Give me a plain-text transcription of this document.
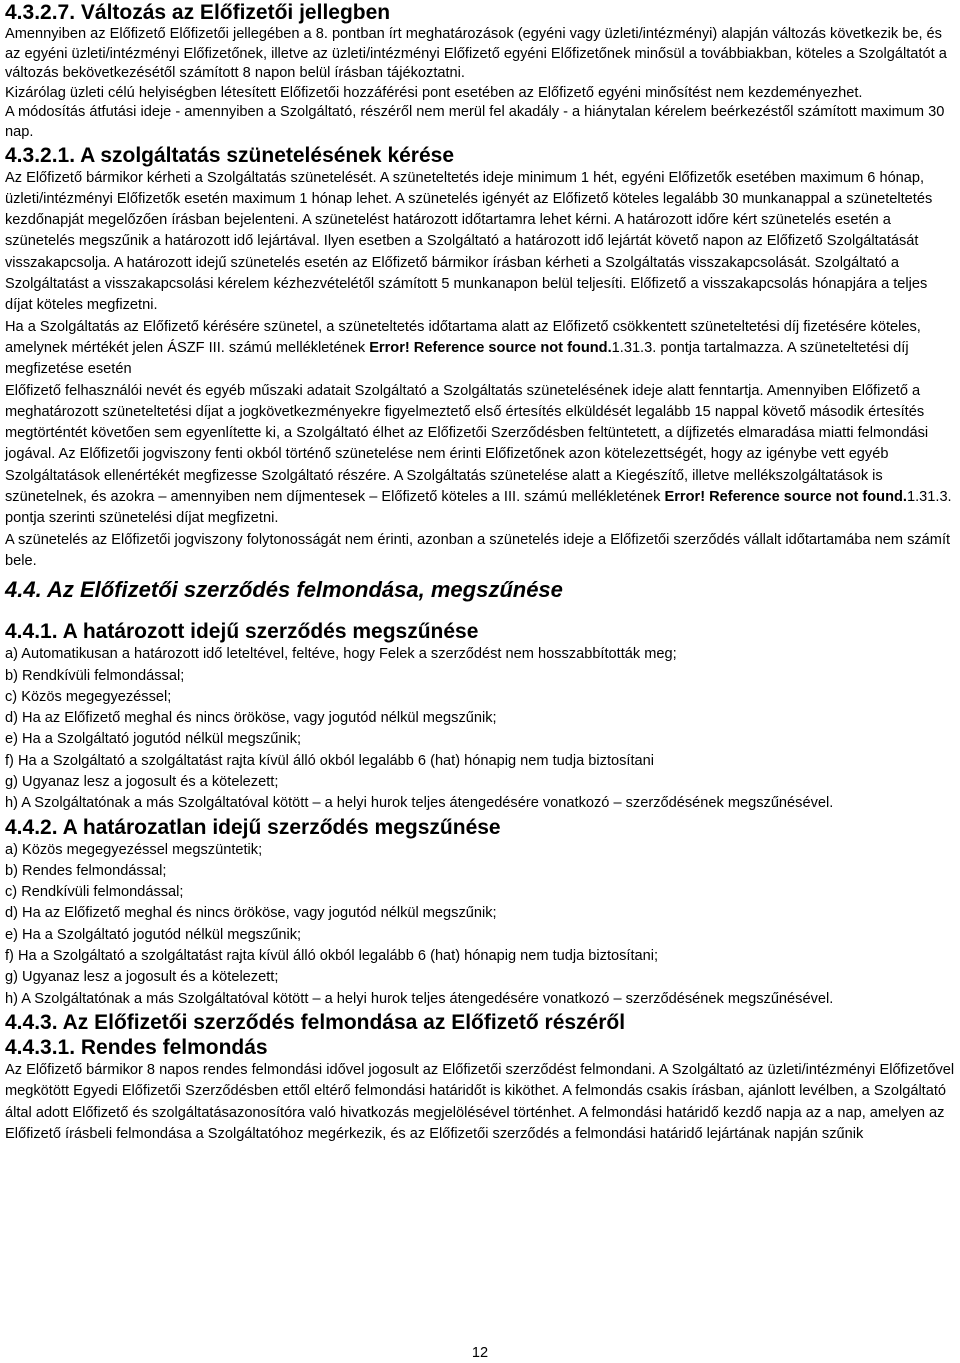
4.3.2.7. Változás az Előfizetői jellegben

Amennyiben az Előfizető Előfizetői jellegében a 8. pontban írt meghatározások (egyéni vagy üzleti/intézményi) alapján változás következik be, és az egyéni üzleti/intézményi Előfizetőnek, illetve az üzleti/intézményi Előfizető egyéni Előfizetőnek minősül a továbbiakban, köteles a Szolgáltatót a változás bekövetkezésétől számított 8 napon belül írásban tájékoztatni.

Kizárólag üzleti célú helyiségben létesített Előfizetői hozzáférési pont esetében az Előfizető egyéni minősítést nem kezdeményezhet.

A módosítás átfutási ideje - amennyiben a Szolgáltató, részéről nem merül fel akadály - a hiánytalan kérelem beérkezéstől számított maximum 30 nap.

4.3.2.1. A szolgáltatás szünetelésének kérése

Az Előfizető bármikor kérheti a Szolgáltatás szünetelését. A szüneteltetés ideje minimum 1 hét, egyéni Előfizetők esetében maximum 6 hónap, üzleti/intézményi Előfizetők esetén maximum 1 hónap lehet. A szünetelés igényét az Előfizető köteles legalább 30 munkanappal a szüneteltetés kezdőnapját megelőzően írásban bejelenteni. A szünetelést határozott időtartamra lehet kérni. A határozott időre kért szünetelés esetén a szünetelés megszűnik a határozott idő lejártával. Ilyen esetben a Szolgáltató a határozott idő lejártát követő napon az Előfizető Szolgáltatását visszakapcsolja. A határozott idejű szünetelés esetén az Előfizető bármikor írásban kérheti a Szolgáltatás visszakapcsolását. Szolgáltató a Szolgáltatást a visszakapcsolási kérelem kézhezvételétől számított 5 munkanapon belül teljesíti. Előfizető a visszakapcsolás hónapjára a teljes díjat köteles megfizetni.

Ha a Szolgáltatás az Előfizető kérésére szünetel, a szüneteltetés időtartama alatt az Előfizető csökkentett szüneteltetési díj fizetésére köteles, amelynek mértékét jelen ÁSZF III. számú mellékletének Error! Reference source not found.1.31.3. pontja tartalmazza. A szüneteltetési díj megfizetése esetén

Előfizető felhasználói nevét és egyéb műszaki adatait Szolgáltató a Szolgáltatás szünetelésének ideje alatt fenntartja. Amennyiben Előfizető a meghatározott szüneteltetési díjat a jogkövetkezményekre figyelmeztető első értesítés elküldését legalább 15 nappal követő második értesítés megtörténtét követően sem egyenlítette ki, a Szolgáltató élhet az Előfizetői Szerződésben feltüntetett, a díjfizetés elmaradása miatti felmondási jogával. Az Előfizetői jogviszony fenti okból történő szünetelése nem érinti Előfizetőnek azon kötelezettségét, hogy az igénybe vett egyéb Szolgáltatások ellenértékét megfizesse Szolgáltató részére. A Szolgáltatás szünetelése alatt a Kiegészítő, illetve mellékszolgáltatások is szünetelnek, és azokra – amennyiben nem díjmentesek – Előfizető köteles a III. számú mellékletének Error! Reference source not found.1.31.3. pontja szerinti szünetelési díjat megfizetni.

A szünetelés az Előfizetői jogviszony folytonosságát nem érinti, azonban a szünetelés ideje a Előfizetői szerződés vállalt időtartamába nem számít bele.

4.4. Az Előfizetői szerződés felmondása, megszűnése
4.4.1. A határozott idejű szerződés megszűnése

a) Automatikusan a határozott idő leteltével, feltéve, hogy Felek a szerződést nem hosszabbították meg;

b) Rendkívüli felmondással;

c) Közös megegyezéssel;

d) Ha az Előfizető meghal és nincs örököse, vagy jogutód nélkül megszűnik;

e) Ha a Szolgáltató jogutód nélkül megszűnik;

f) Ha a Szolgáltató a szolgáltatást rajta kívül álló okból legalább 6 (hat) hónapig nem tudja biztosítani

g) Ugyanaz lesz a jogosult és a kötelezett;

h) A Szolgáltatónak a más Szolgáltatóval kötött – a helyi hurok teljes átengedésére vonatkozó – szerződésének megszűnésével.

4.4.2. A határozatlan idejű szerződés megszűnése

a) Közös megegyezéssel megszüntetik;

b) Rendes felmondással;

c) Rendkívüli felmondással;

d) Ha az Előfizető meghal és nincs örököse, vagy jogutód nélkül megszűnik;

e) Ha a Szolgáltató jogutód nélkül megszűnik;

f) Ha a Szolgáltató a szolgáltatást rajta kívül álló okból legalább 6 (hat) hónapig nem tudja biztosítani;

g) Ugyanaz lesz a jogosult és a kötelezett;

h) A Szolgáltatónak a más Szolgáltatóval kötött – a helyi hurok teljes átengedésére vonatkozó – szerződésének megszűnésével.

4.4.3. Az Előfizetői szerződés felmondása az Előfizető részéről
4.4.3.1. Rendes felmondás

Az Előfizető bármikor 8 napos rendes felmondási idővel jogosult az Előfizetői szerződést felmondani. A Szolgáltató az üzleti/intézményi Előfizetővel megkötött Egyedi Előfizetői Szerződésben ettől eltérő felmondási határidőt is kiköthet. A felmondás csakis írásban, ajánlott levélben, a Szolgáltató által adott Előfizető és szolgáltatásazonosítóra való hivatkozás megjelölésével történhet. A felmondási határidő kezdő napja az a nap, amelyen az Előfizető írásbeli felmondása a Szolgáltatóhoz megérkezik, és az Előfizetői szerződés a felmondási határidő lejártának napján szűnik

12
